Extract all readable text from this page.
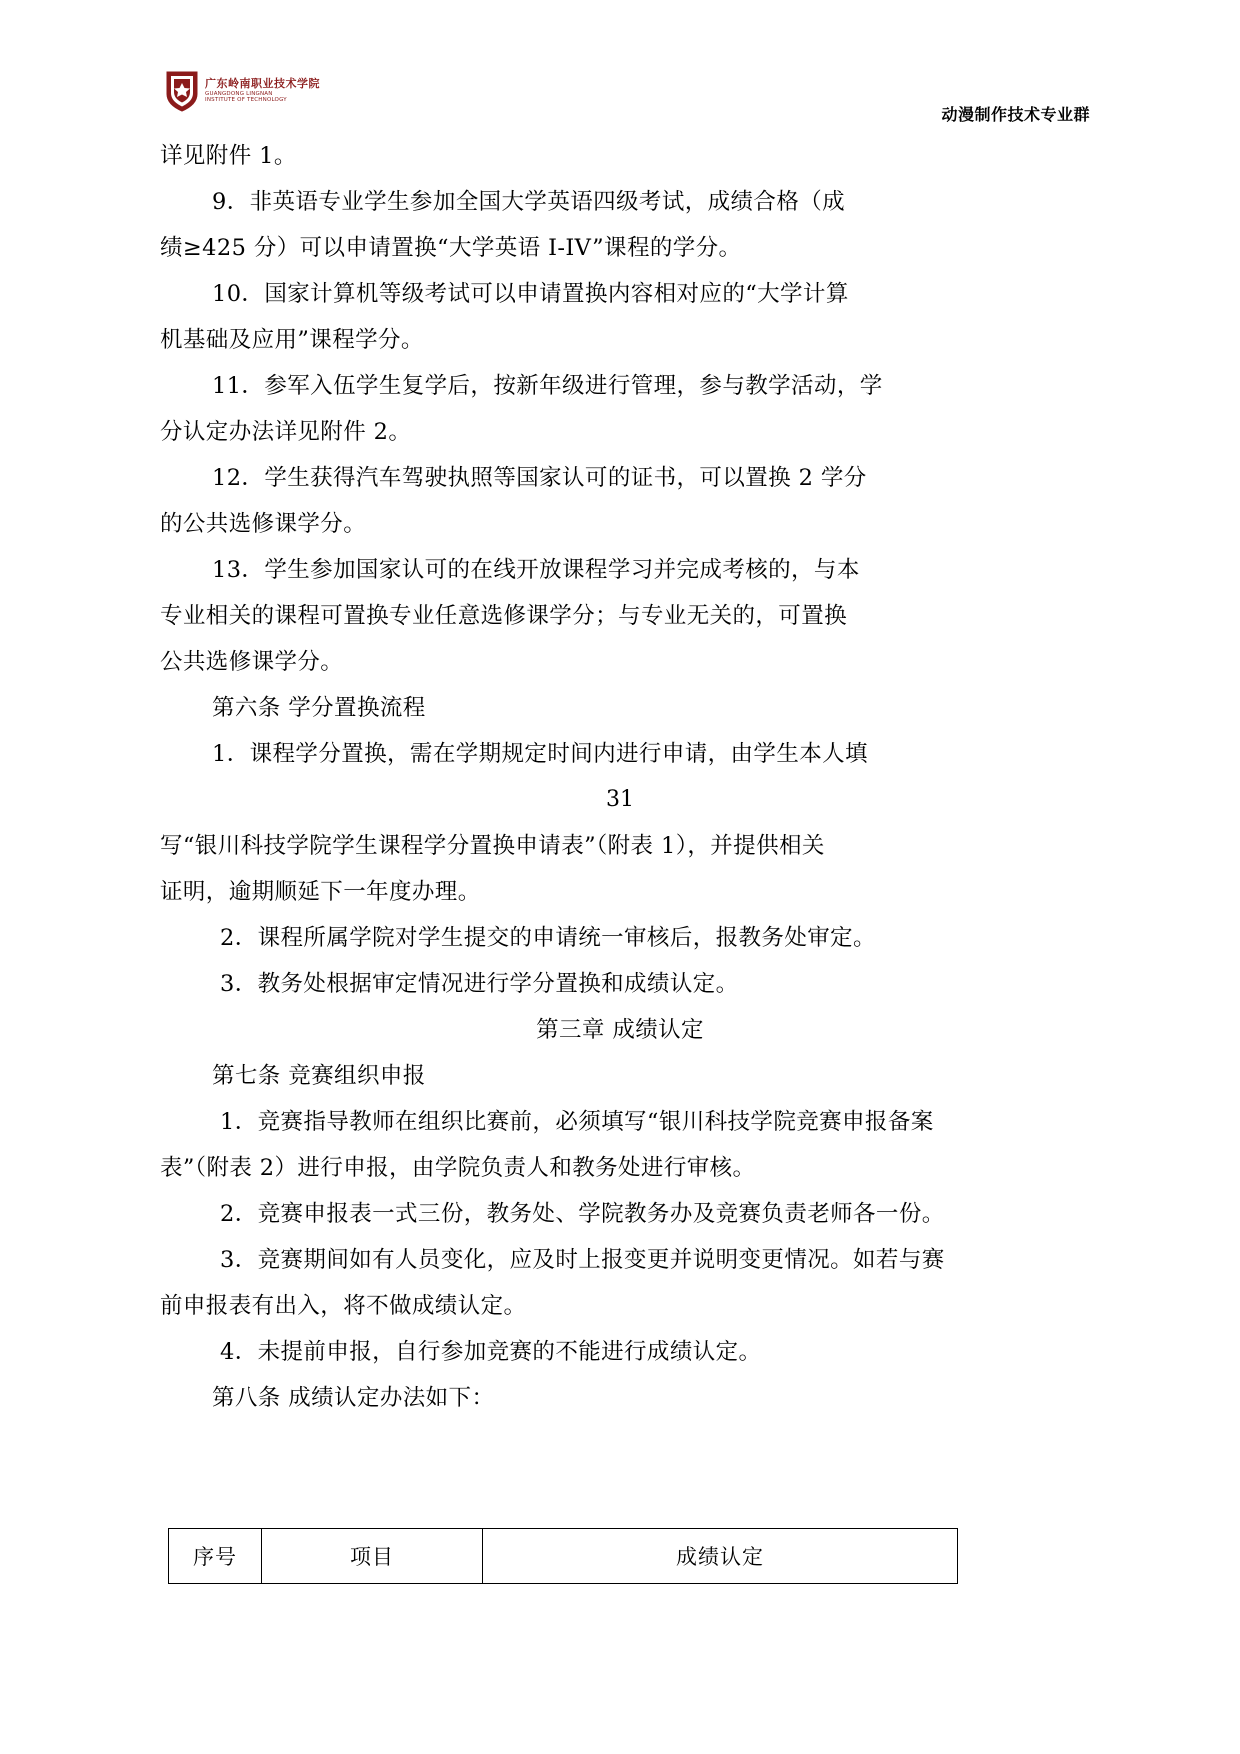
广东岭南职业技术学院
GUANGDONG LINGNAN
INSTITUTE OF TECHNOLOGY
动漫制作技术专业群
详见附件 1。
9．非英语专业学生参加全国大学英语四级考试，成绩合格（成
绩≥425 分）可以申请置换“大学英语 I-IV”课程的学分。
10．国家计算机等级考试可以申请置换内容相对应的“大学计算
机基础及应用”课程学分。
11．参军入伍学生复学后，按新年级进行管理，参与教学活动，学
分认定办法详见附件 2。
12．学生获得汽车驾驶执照等国家认可的证书，可以置换 2 学分
的公共选修课学分。
13．学生参加国家认可的在线开放课程学习并完成考核的，与本
专业相关的课程可置换专业任意选修课学分；与专业无关的，可置换
公共选修课学分。
第六条 学分置换流程
1．课程学分置换，需在学期规定时间内进行申请，由学生本人填
31
写“银川科技学院学生课程学分置换申请表”（附表 1），并提供相关
证明，逾期顺延下一年度办理。
2．课程所属学院对学生提交的申请统一审核后，报教务处审定。
3．教务处根据审定情况进行学分置换和成绩认定。
第三章 成绩认定
第七条 竞赛组织申报
1．竞赛指导教师在组织比赛前，必须填写“银川科技学院竞赛申报备案
表”（附表 2）进行申报，由学院负责人和教务处进行审核。
2．竞赛申报表一式三份，教务处、学院教务办及竞赛负责老师各一份。
3．竞赛期间如有人员变化，应及时上报变更并说明变更情况。如若与赛
前申报表有出入，将不做成绩认定。
4．未提前申报，自行参加竞赛的不能进行成绩认定。
第八条 成绩认定办法如下：
序号	项目	成绩认定
